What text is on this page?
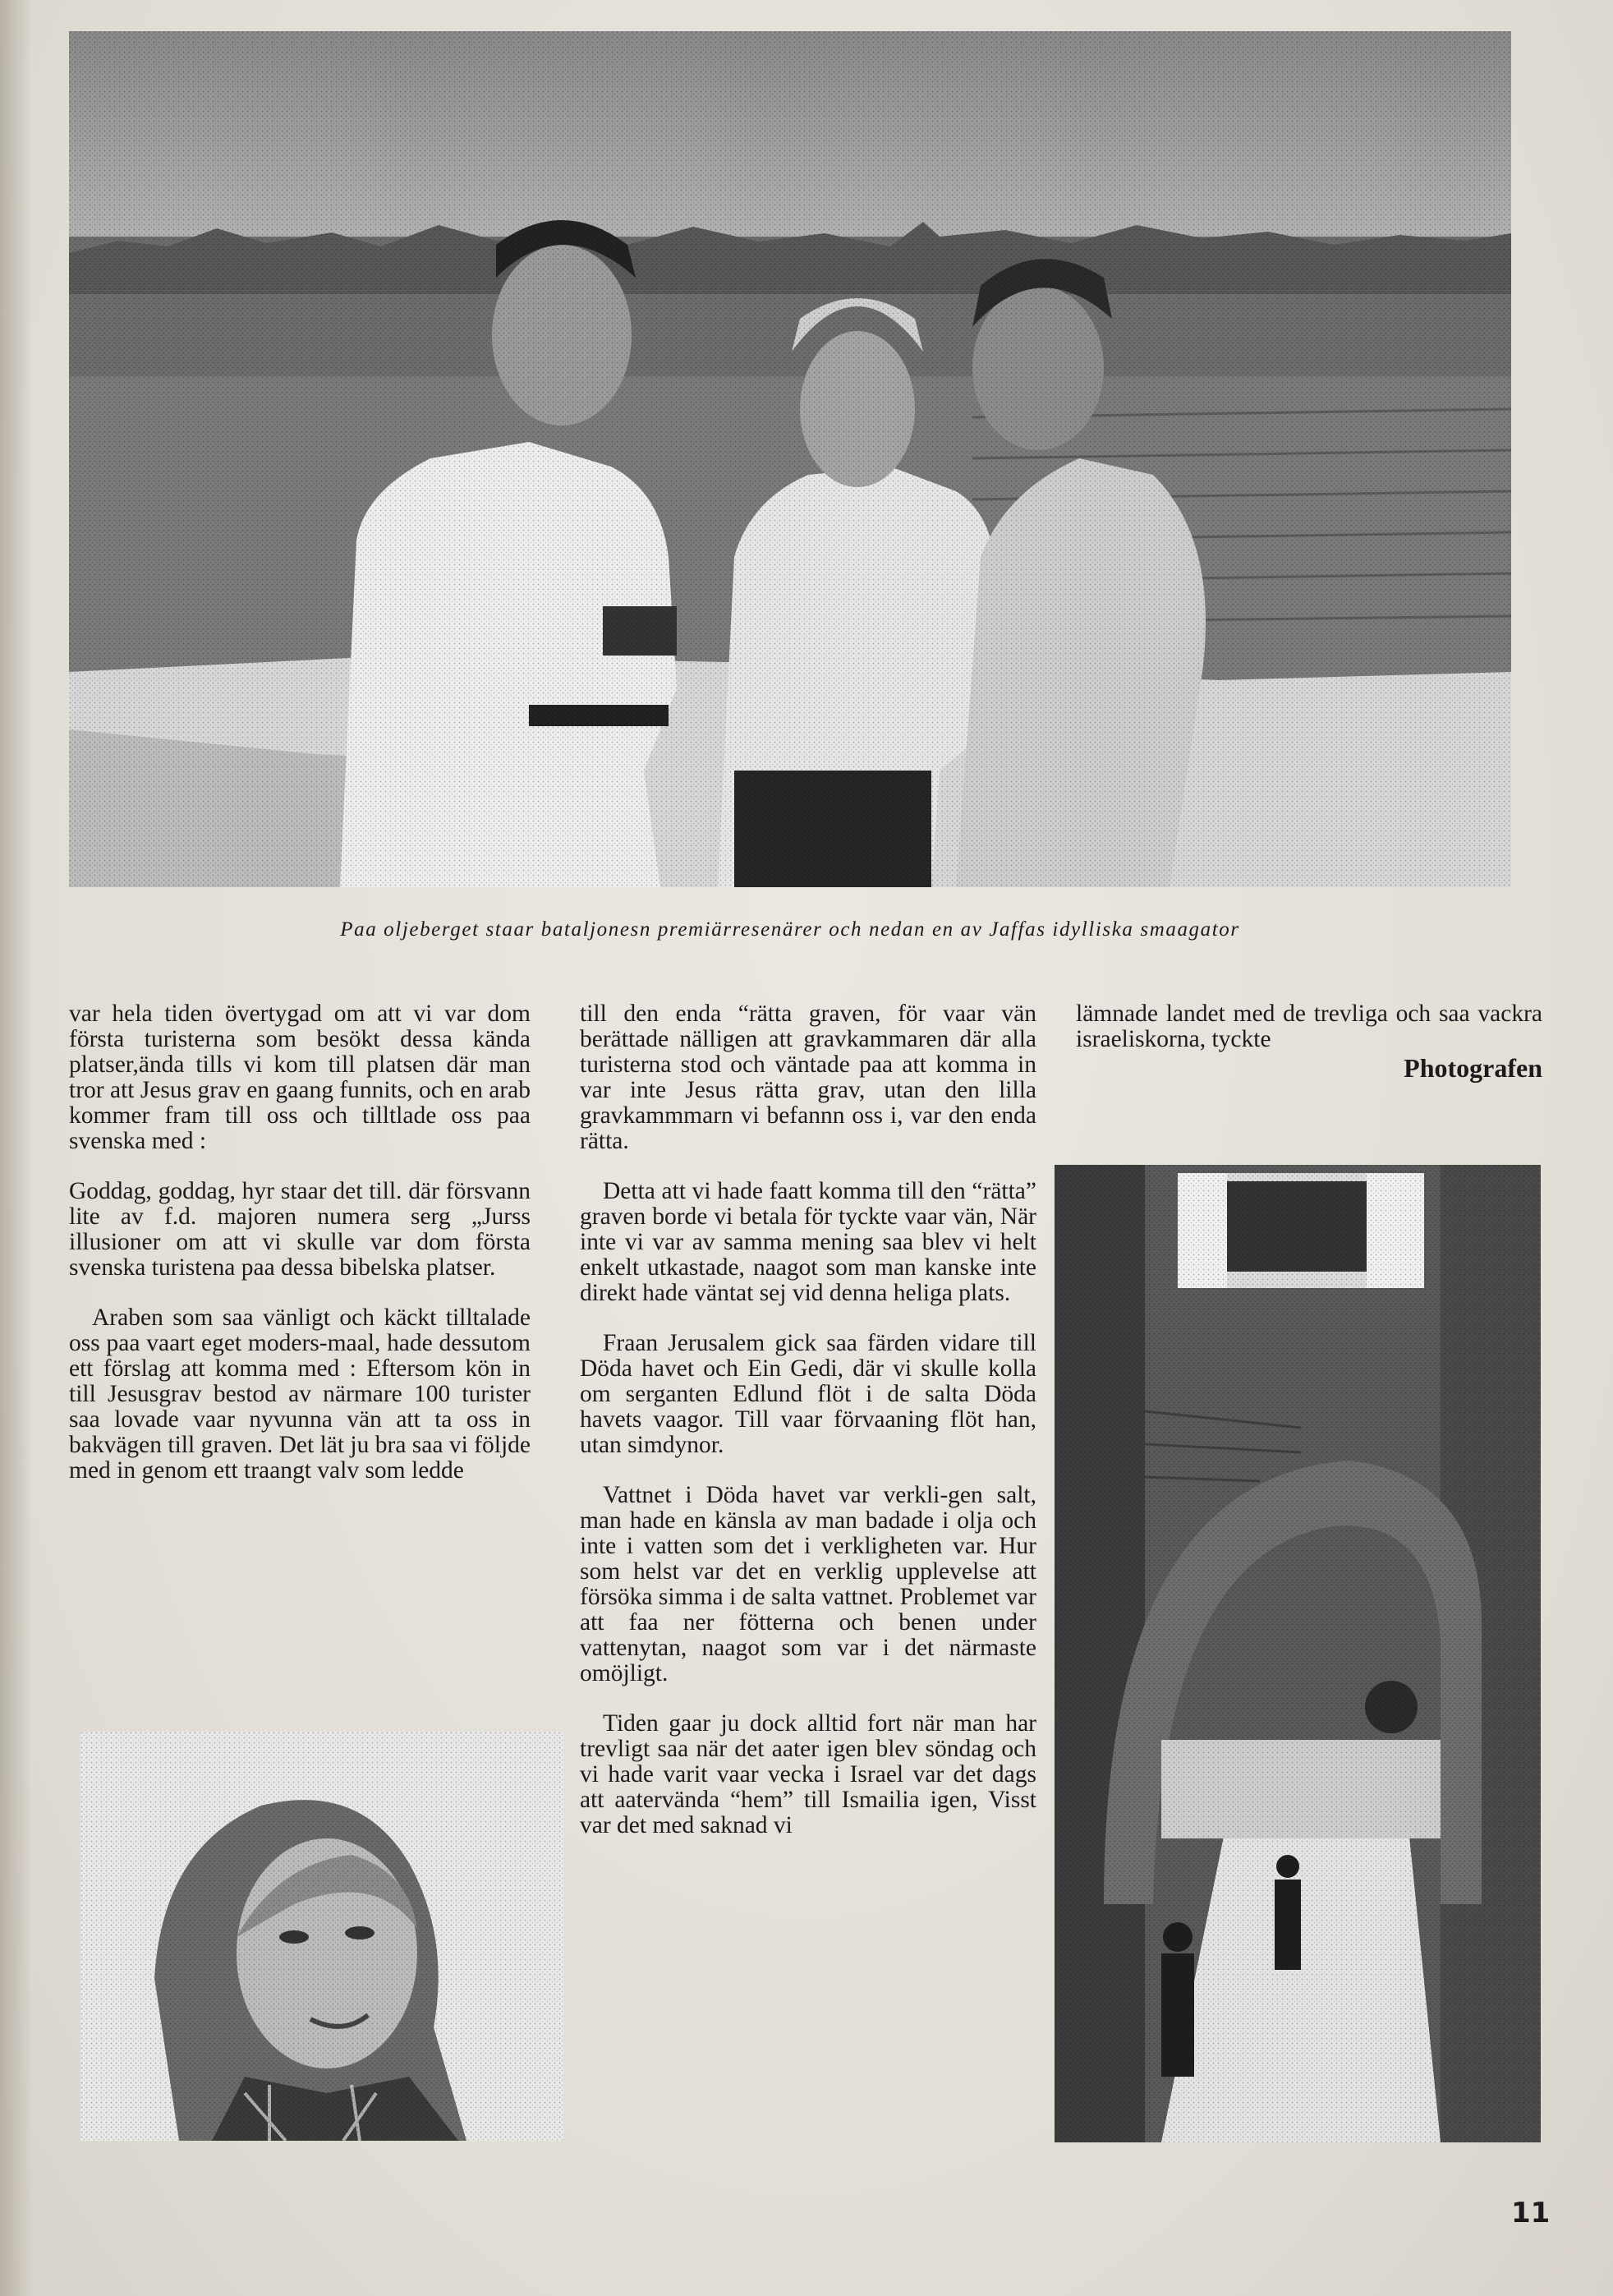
Paa oljeberget staar bataljonesn premiärresenärer och nedan en av Jaffas idylliska smaagator

var hela tiden övertygad om att vi var dom första turisterna som besökt dessa kända platser,ända tills vi kom till platsen där man tror att Jesus grav en gaang funnits, och en arab kommer fram till oss och tilltlade oss paa svenska med :

Goddag, goddag, hyr staar det till. där försvann lite av f.d. majoren numera serg „Jurss illusioner om att vi skulle var dom första svenska turistena paa dessa bibelska platser.

Araben som saa vänligt och käckt tilltalade oss paa vaart eget moders-maal, hade dessutom ett förslag att komma med : Eftersom kön in till Jesusgrav bestod av närmare 100 turister saa lovade vaar nyvunna vän att ta oss in bakvägen till graven. Det lät ju bra saa vi följde med in genom ett traangt valv som ledde

till den enda “rätta graven, för vaar vän berättade nälligen att gravkammaren där alla turisterna stod och väntade paa att komma in var inte Jesus rätta grav, utan den lilla gravkammmarn vi befannn oss i, var den enda rätta.

Detta att vi hade faatt komma till den “rätta” graven borde vi betala för tyckte vaar vän, När inte vi var av samma mening saa blev vi helt enkelt utkastade, naagot som man kanske inte direkt hade väntat sej vid denna heliga plats.

Fraan Jerusalem gick saa färden vidare till Döda havet och Ein Gedi, där vi skulle kolla om serganten Edlund flöt i de salta Döda havets vaagor. Till vaar förvaaning flöt han, utan simdynor.

Vattnet i Döda havet var verkli-gen salt, man hade en känsla av man badade i olja och inte i vatten som det i verkligheten var. Hur som helst var det en verklig upplevelse att försöka simma i de salta vattnet. Problemet var att faa ner fötterna och benen under vattenytan, naagot som var i det närmaste omöjligt.

Tiden gaar ju dock alltid fort när man har trevligt saa när det aater igen blev söndag och vi hade varit vaar vecka i Israel var det dags att aatervända “hem” till Ismailia igen, Visst var det med saknad vi

lämnade landet med de trevliga och saa vackra israeliskorna, tyckte

Photografen
11
